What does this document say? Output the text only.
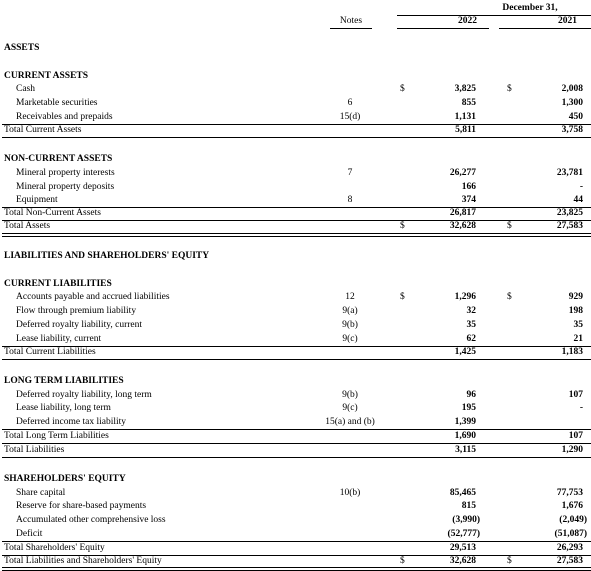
December 31,
Notes	2022	2021
ASSETS
CURRENT ASSETS
Cash	$	3,825	$	2,008
Marketable securities	6	855	1,300
Receivables and prepaids	15(d)	1,131	450
Total Current Assets	5,811	3,758
NON-CURRENT ASSETS
Mineral property interests	7	26,277	23,781
Mineral property deposits	166	-
Equipment	8	374	44
Total Non-Current Assets	26,817	23,825
Total Assets	$	32,628	$	27,583
LIABILITIES AND SHAREHOLDERS' EQUITY
CURRENT LIABILITIES
Accounts payable and accrued liabilities	12	$	1,296	$	929
Flow through premium liability	9(a)	32	198
Deferred royalty liability, current	9(b)	35	35
Lease liability, current	9(c)	62	21
Total Current Liabilities	1,425	1,183
LONG TERM LIABILITIES
Deferred royalty liability, long term	9(b)	96	107
Lease liability, long term	9(c)	195	-
Deferred income tax liability	15(a) and (b)	1,399
Total Long Term Liabilities	1,690	107
Total Liabilities	3,115	1,290
SHAREHOLDERS' EQUITY
Share capital	10(b)	85,465	77,753
Reserve for share-based payments	815	1,676
Accumulated other comprehensive loss	(3,990)	(2,049)
Deficit	(52,777)	(51,087)
Total Shareholders' Equity	29,513	26,293
Total Liabilities and Shareholders' Equity	$	32,628	$	27,583
